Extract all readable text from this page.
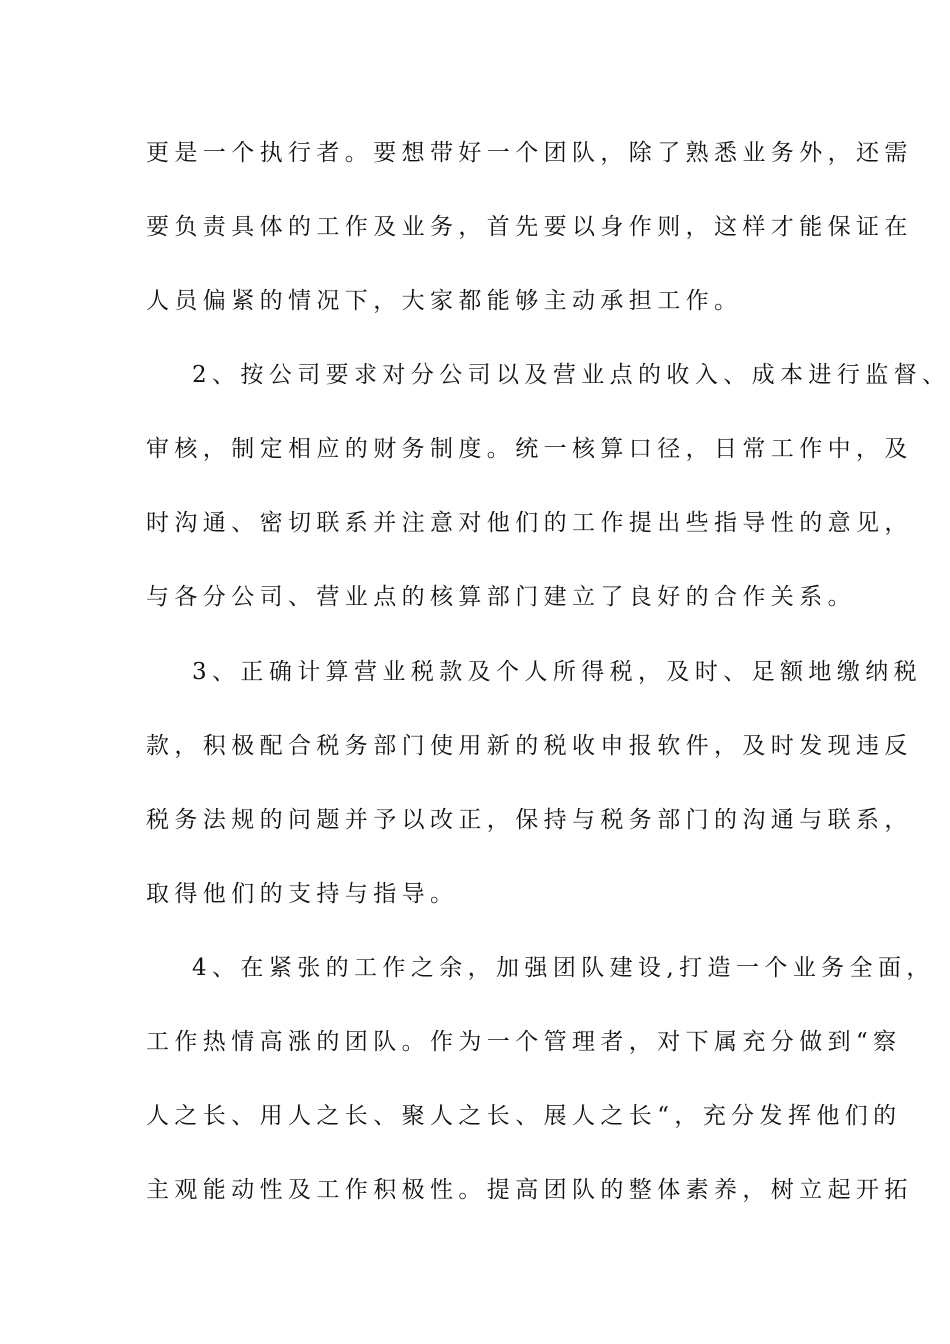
更是一个执行者。要想带好一个团队，除了熟悉业务外，还需
要负责具体的工作及业务，首先要以身作则，这样才能保证在
人员偏紧的情况下，大家都能够主动承担工作。
2、按公司要求对分公司以及营业点的收入、成本进行监督、
审核，制定相应的财务制度。统一核算口径，日常工作中，及
时沟通、密切联系并注意对他们的工作提出些指导性的意见，
与各分公司、营业点的核算部门建立了良好的合作关系。
3、正确计算营业税款及个人所得税，及时、足额地缴纳税
款，积极配合税务部门使用新的税收申报软件，及时发现违反
税务法规的问题并予以改正，保持与税务部门的沟通与联系，
取得他们的支持与指导。
4、在紧张的工作之余，加强团队建设,打造一个业务全面，
工作热情高涨的团队。作为一个管理者，对下属充分做到“察
人之长、用人之长、聚人之长、展人之长“，充分发挥他们的
主观能动性及工作积极性。提高团队的整体素养，树立起开拓
